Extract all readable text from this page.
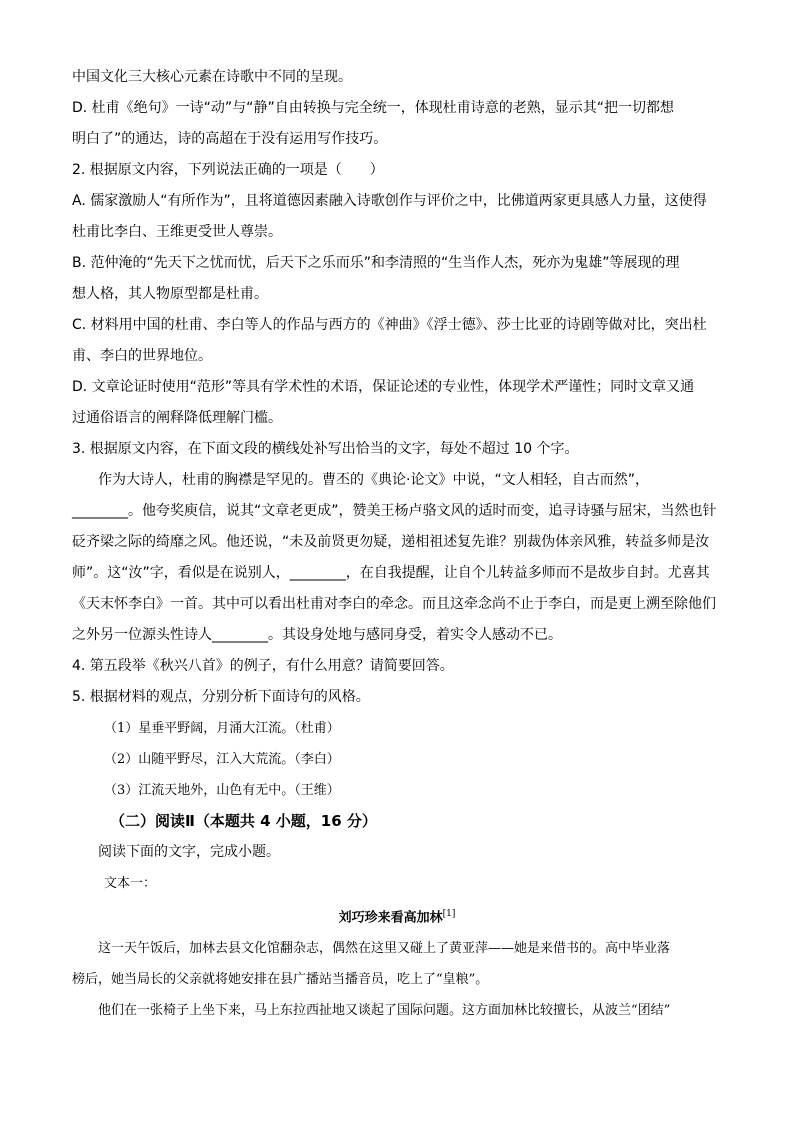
中国文化三大核心元素在诗歌中不同的呈现。
D. 杜甫《绝句》一诗“动”与“静”自由转换与完全统一，体现杜甫诗意的老熟，显示其“把一切都想
明白了”的通达，诗的高超在于没有运用写作技巧。
2. 根据原文内容，下列说法正确的一项是（　　）
A. 儒家激励人“有所作为”，且将道德因素融入诗歌创作与评价之中，比佛道两家更具感人力量，这使得
杜甫比李白、王维更受世人尊崇。
B. 范仲淹的“先天下之忧而忧，后天下之乐而乐”和李清照的“生当作人杰，死亦为鬼雄”等展现的理
想人格，其人物原型都是杜甫。
C. 材料用中国的杜甫、李白等人的作品与西方的《神曲》《浮士德》、莎士比亚的诗剧等做对比，突出杜
甫、李白的世界地位。
D. 文章论证时使用“范形”等具有学术性的术语，保证论述的专业性，体现学术严谨性；同时文章又通
过通俗语言的阐释降低理解门槛。
3. 根据原文内容，在下面文段的横线处补写出恰当的文字，每处不超过 10 个字。
作为大诗人，杜甫的胸襟是罕见的。曹丕的《典论·论文》中说，“文人相轻，自古而然”，
________。他夸奖庾信，说其“文章老更成”，赞美王杨卢骆文风的适时而变，追寻诗骚与屈宋，当然也针
砭齐梁之际的绮靡之风。他还说，“未及前贤更勿疑，递相祖述复先谁？别裁伪体亲风雅，转益多师是汝
师”。这“汝”字，看似是在说别人，________，在自我提醒，让自个儿转益多师而不是故步自封。尤喜其
《天末怀李白》一首。其中可以看出杜甫对李白的牵念。而且这牵念尚不止于李白，而是更上溯至除他们
之外另一位源头性诗人________。其设身处地与感同身受，着实令人感动不已。
4. 第五段举《秋兴八首》的例子，有什么用意？请简要回答。
5. 根据材料的观点，分别分析下面诗句的风格。
（1）星垂平野阔，月涌大江流。（杜甫）
（2）山随平野尽，江入大荒流。（李白）
（3）江流天地外，山色有无中。（王维）
（二）阅读Ⅱ（本题共 4 小题，16 分）
阅读下面的文字，完成小题。
文本一：
刘巧珍来看高加林[1]
这一天午饭后，加林去县文化馆翻杂志，偶然在这里又碰上了黄亚萍——她是来借书的。高中毕业落
榜后，她当局长的父亲就将她安排在县广播站当播音员，吃上了“皇粮”。
他们在一张椅子上坐下来，马上东拉西扯地又谈起了国际问题。这方面加林比较擅长，从波兰“团结”
